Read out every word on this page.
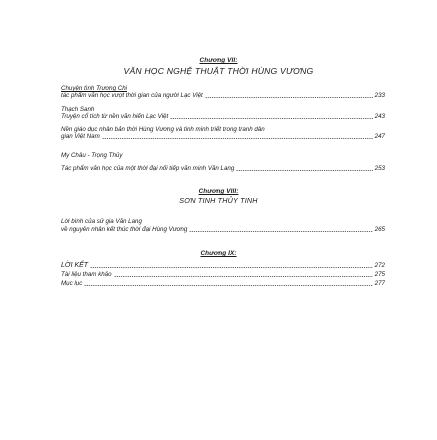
Chương VII:
VĂN HỌC NGHỆ THUẬT THỜI HÙNG VƯƠNG
Chuyện tình Trương Chi
tác phẩm văn học vượt thời gian của người Lạc Việt	233
Thạch Sanh
Truyện cổ tích từ nền văn hiến Lạc Việt	243
Nền giáo dục nhân bản thời Hùng Vương và tinh minh triết trong tranh dân
gian Việt Nam	247
My Châu - Trọng Thủy
Tác phẩm văn học của một thời đại nối tiếp văn minh Văn Lang	253
Chương VIII:
SƠN TINH THỦY TINH
Lời bình của sử gia Văn Lang
về nguyên nhân kết thúc thời đại Hùng Vương	265
Chương IX:
LỜI KẾT	272
Tài liệu tham khảo	275
Mục lục	277
